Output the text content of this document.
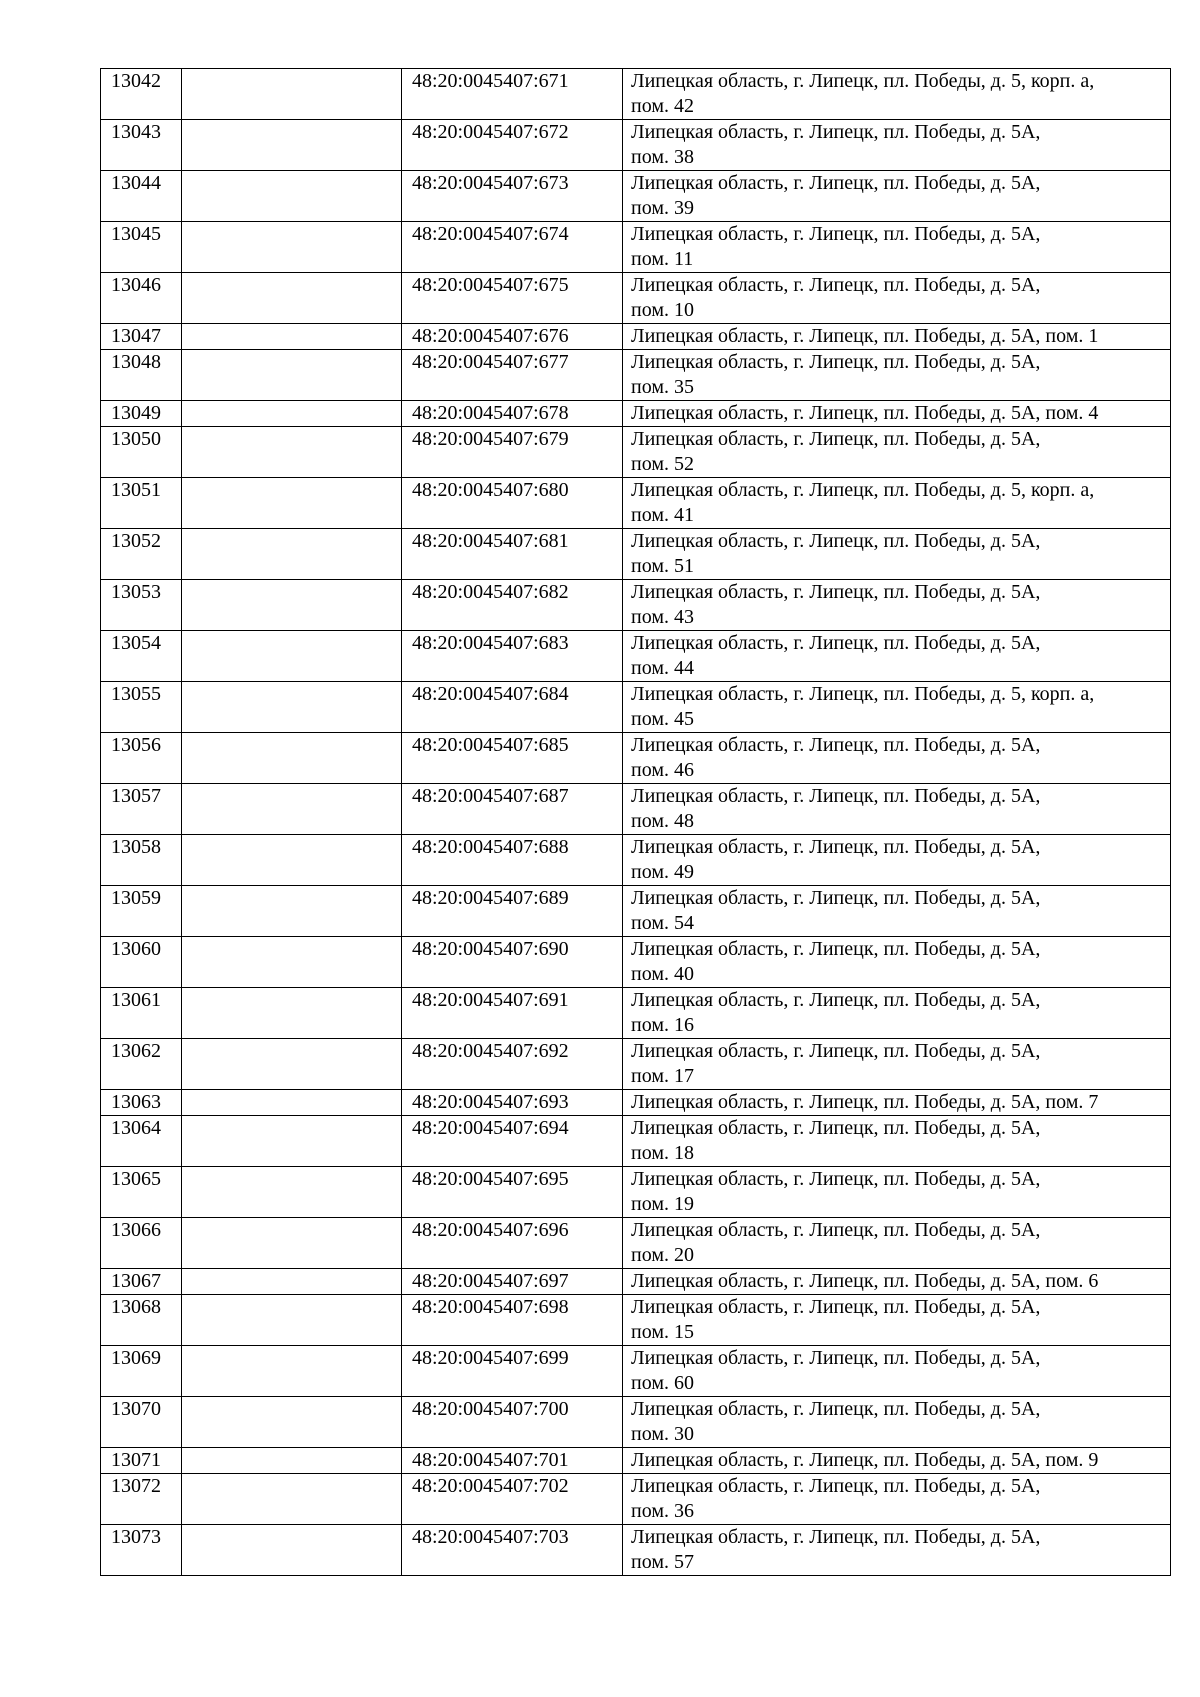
13042		48:20:0045407:671	Липецкая область, г. Липецк, пл. Победы, д. 5, корп. а,
пом. 42

13043		48:20:0045407:672	Липецкая область, г. Липецк, пл. Победы, д. 5А,
пом. 38

13044		48:20:0045407:673	Липецкая область, г. Липецк, пл. Победы, д. 5А,
пом. 39

13045		48:20:0045407:674	Липецкая область, г. Липецк, пл. Победы, д. 5А,
пом. 11

13046		48:20:0045407:675	Липецкая область, г. Липецк, пл. Победы, д. 5А,
пом. 10

13047		48:20:0045407:676	Липецкая область, г. Липецк, пл. Победы, д. 5А, пом. 1
13048		48:20:0045407:677	Липецкая область, г. Липецк, пл. Победы, д. 5А,
пом. 35

13049		48:20:0045407:678	Липецкая область, г. Липецк, пл. Победы, д. 5А, пом. 4
13050		48:20:0045407:679	Липецкая область, г. Липецк, пл. Победы, д. 5А,
пом. 52

13051		48:20:0045407:680	Липецкая область, г. Липецк, пл. Победы, д. 5, корп. а,
пом. 41

13052		48:20:0045407:681	Липецкая область, г. Липецк, пл. Победы, д. 5А,
пом. 51

13053		48:20:0045407:682	Липецкая область, г. Липецк, пл. Победы, д. 5А,
пом. 43

13054		48:20:0045407:683	Липецкая область, г. Липецк, пл. Победы, д. 5А,
пом. 44

13055		48:20:0045407:684	Липецкая область, г. Липецк, пл. Победы, д. 5, корп. а,
пом. 45

13056		48:20:0045407:685	Липецкая область, г. Липецк, пл. Победы, д. 5А,
пом. 46

13057		48:20:0045407:687	Липецкая область, г. Липецк, пл. Победы, д. 5А,
пом. 48

13058		48:20:0045407:688	Липецкая область, г. Липецк, пл. Победы, д. 5А,
пом. 49

13059		48:20:0045407:689	Липецкая область, г. Липецк, пл. Победы, д. 5А,
пом. 54

13060		48:20:0045407:690	Липецкая область, г. Липецк, пл. Победы, д. 5А,
пом. 40

13061		48:20:0045407:691	Липецкая область, г. Липецк, пл. Победы, д. 5А,
пом. 16

13062		48:20:0045407:692	Липецкая область, г. Липецк, пл. Победы, д. 5А,
пом. 17

13063		48:20:0045407:693	Липецкая область, г. Липецк, пл. Победы, д. 5А, пом. 7
13064		48:20:0045407:694	Липецкая область, г. Липецк, пл. Победы, д. 5А,
пом. 18

13065		48:20:0045407:695	Липецкая область, г. Липецк, пл. Победы, д. 5А,
пом. 19

13066		48:20:0045407:696	Липецкая область, г. Липецк, пл. Победы, д. 5А,
пом. 20

13067		48:20:0045407:697	Липецкая область, г. Липецк, пл. Победы, д. 5А, пом. 6
13068		48:20:0045407:698	Липецкая область, г. Липецк, пл. Победы, д. 5А,
пом. 15

13069		48:20:0045407:699	Липецкая область, г. Липецк, пл. Победы, д. 5А,
пом. 60

13070		48:20:0045407:700	Липецкая область, г. Липецк, пл. Победы, д. 5А,
пом. 30

13071		48:20:0045407:701	Липецкая область, г. Липецк, пл. Победы, д. 5А, пом. 9
13072		48:20:0045407:702	Липецкая область, г. Липецк, пл. Победы, д. 5А,
пом. 36

13073		48:20:0045407:703	Липецкая область, г. Липецк, пл. Победы, д. 5А,
пом. 57
